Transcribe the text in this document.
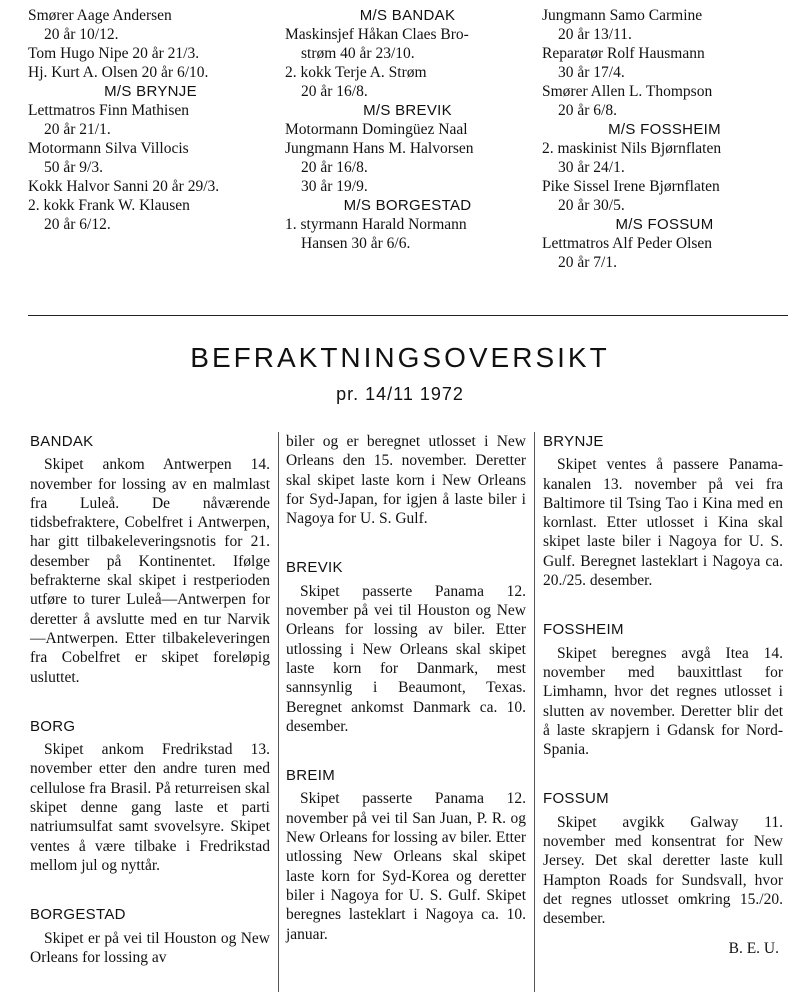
Smører Aage Andersen

20 år 10/12.

Tom Hugo Nipe 20 år 21/3.

Hj. Kurt A. Olsen 20 år 6/10.

M/S BRYNJE

Lettmatros Finn Mathisen

20 år 21/1.

Motormann Silva Villocis

50 år 9/3.

Kokk Halvor Sanni 20 år 29/3.

2. kokk Frank W. Klausen

20 år 6/12.

M/S BANDAK

Maskinsjef Håkan Claes Bro-

strøm 40 år 23/10.

2. kokk Terje A. Strøm

20 år 16/8.

M/S BREVIK

Motormann Domingüez Naal

Jungmann Hans M. Halvorsen

20 år 16/8.

30 år 19/9.

M/S BORGESTAD

1. styrmann Harald Normann

Hansen 30 år 6/6.

Jungmann Samo Carmine

20 år 13/11.

Reparatør Rolf Hausmann

30 år 17/4.

Smører Allen L. Thompson

20 år 6/8.

M/S FOSSHEIM

2. maskinist Nils Bjørnflaten

30 år 24/1.

Pike Sissel Irene Bjørnflaten

20 år 30/5.

M/S FOSSUM

Lettmatros Alf Peder Olsen

20 år 7/1.

BEFRAKTNINGSOVERSIKT
pr. 14/11 1972

BANDAK

Skipet ankom Antwerpen 14. november for lossing av en malmlast fra Luleå. De nåværende tidsbefraktere, Cobelfret i Antwerpen, har gitt tilbakeleveringsnotis for 21. desember på Kontinentet. Ifølge befrakterne skal skipet i restperioden utføre to turer Luleå—Antwerpen for deretter å avslutte med en tur Narvik—Antwerpen. Etter tilbakeleveringen fra Cobelfret er skipet foreløpig usluttet.

BORG

Skipet ankom Fredrikstad 13. november etter den andre turen med cellulose fra Brasil. På returreisen skal skipet denne gang laste et parti natriumsulfat samt svovelsyre. Skipet ventes å være tilbake i Fredrikstad mellom jul og nyttår.

BORGESTAD

Skipet er på vei til Houston og New Orleans for lossing av

biler og er beregnet utlosset i New Orleans den 15. november. Deretter skal skipet laste korn i New Orleans for Syd-Japan, for igjen å laste biler i Nagoya for U. S. Gulf.

BREVIK

Skipet passerte Panama 12. november på vei til Houston og New Orleans for lossing av biler. Etter utlossing i New Orleans skal skipet laste korn for Danmark, mest sannsynlig i Beaumont, Texas. Beregnet ankomst Danmark ca. 10. desember.

BREIM

Skipet passerte Panama 12. november på vei til San Juan, P. R. og New Orleans for lossing av biler. Etter utlossing New Orleans skal skipet laste korn for Syd-Korea og deretter biler i Nagoya for U. S. Gulf. Skipet beregnes lasteklart i Nagoya ca. 10. januar.

BRYNJE

Skipet ventes å passere Panama-kanalen 13. november på vei fra Baltimore til Tsing Tao i Kina med en kornlast. Etter utlosset i Kina skal skipet laste biler i Nagoya for U. S. Gulf. Beregnet lasteklart i Nagoya ca. 20./25. desember.

FOSSHEIM

Skipet beregnes avgå Itea 14. november med bauxittlast for Limhamn, hvor det regnes utlosset i slutten av november. Deretter blir det å laste skrapjern i Gdansk for Nord-Spania.

FOSSUM

Skipet avgikk Galway 11. november med konsentrat for New Jersey. Det skal deretter laste kull Hampton Roads for Sundsvall, hvor det regnes utlosset omkring 15./20. desember.

B. E. U.
